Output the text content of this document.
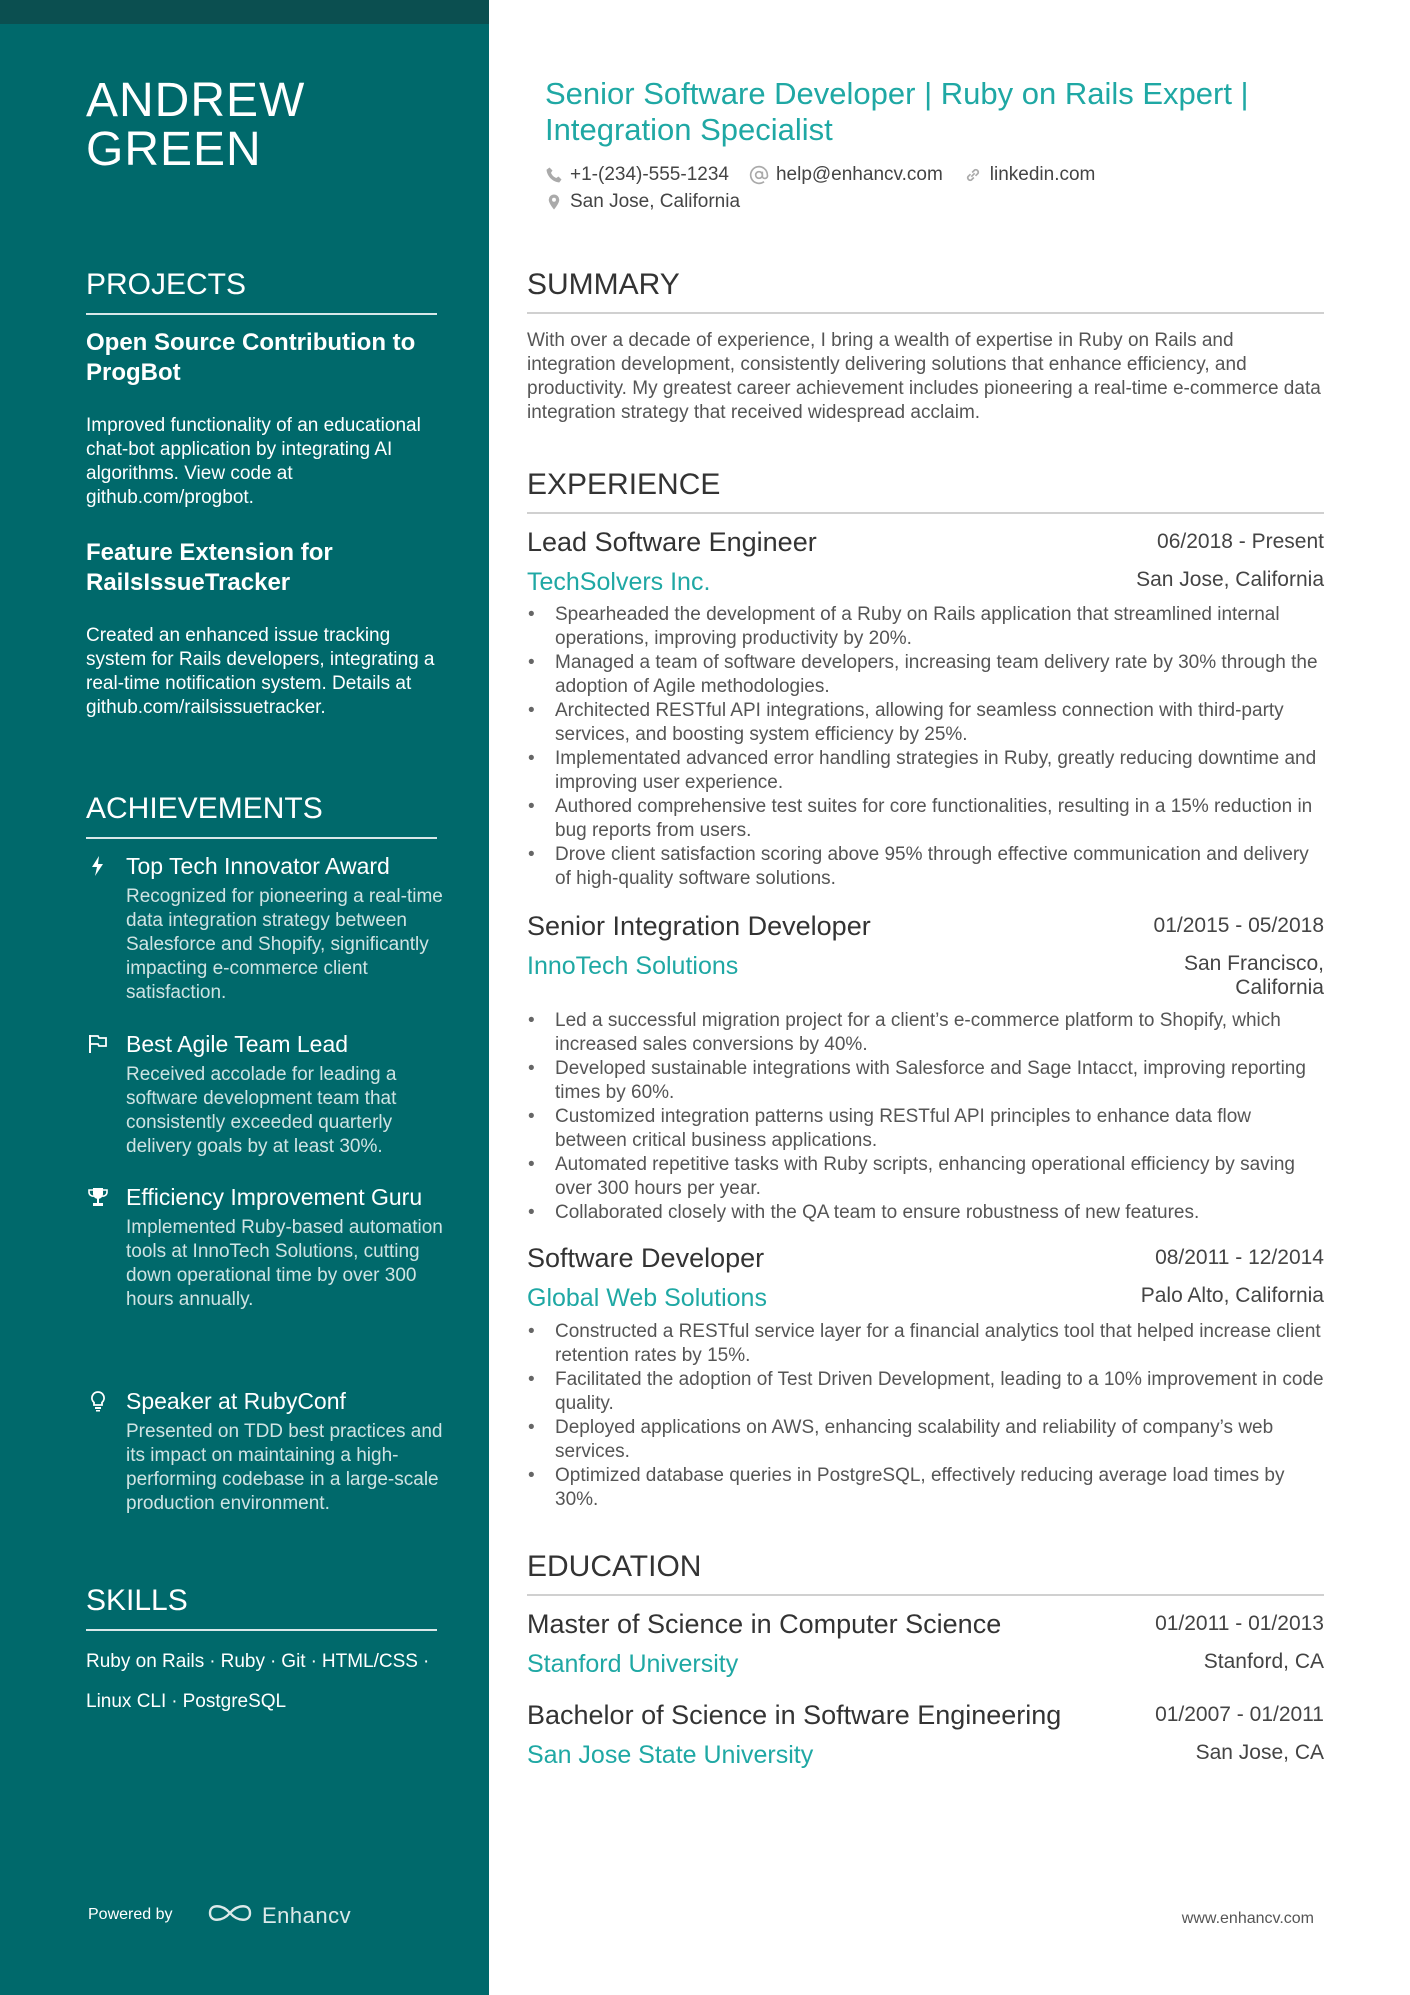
ANDREW
GREEN
PROJECTS
Open Source Contribution to ProgBot
Improved functionality of an educational chat-bot application by integrating AI algorithms. View code at github.com/progbot.
Feature Extension for RailsIssueTracker
Created an enhanced issue tracking system for Rails developers, integrating a real-time notification system. Details at github.com/railsissuetracker.
ACHIEVEMENTS
Top Tech Innovator Award
Recognized for pioneering a real-time data integration strategy between Salesforce and Shopify, significantly impacting e-commerce client satisfaction.
Best Agile Team Lead
Received accolade for leading a software development team that consistently exceeded quarterly delivery goals by at least 30%.
Efficiency Improvement Guru
Implemented Ruby-based automation tools at InnoTech Solutions, cutting down operational time by over 300 hours annually.
Speaker at RubyConf
Presented on TDD best practices and its impact on maintaining a high-performing codebase in a large-scale production environment.
SKILLS
Ruby on Rails · Ruby · Git · HTML/CSS ·
Linux CLI · PostgreSQL
Powered by	Enhancv
Senior Software Developer | Ruby on Rails Expert |
Integration Specialist
+1-(234)-555-1234 help@enhancv.com linkedin.com
San Jose, California
SUMMARY
With over a decade of experience, I bring a wealth of expertise in Ruby on Rails and integration development, consistently delivering solutions that enhance efficiency, and productivity. My greatest career achievement includes pioneering a real-time e-commerce data integration strategy that received widespread acclaim.
EXPERIENCE
Lead Software Engineer	06/2018 - Present
TechSolvers Inc.	San Jose, California
• Spearheaded the development of a Ruby on Rails application that streamlined internal operations, improving productivity by 20%.
• Managed a team of software developers, increasing team delivery rate by 30% through the adoption of Agile methodologies.
• Architected RESTful API integrations, allowing for seamless connection with third-party services, and boosting system efficiency by 25%.
• Implementated advanced error handling strategies in Ruby, greatly reducing downtime and improving user experience.
• Authored comprehensive test suites for core functionalities, resulting in a 15% reduction in bug reports from users.
• Drove client satisfaction scoring above 95% through effective communication and delivery of high-quality software solutions.
Senior Integration Developer	01/2015 - 05/2018
InnoTech Solutions	San Francisco,
California
• Led a successful migration project for a client’s e-commerce platform to Shopify, which increased sales conversions by 40%.
• Developed sustainable integrations with Salesforce and Sage Intacct, improving reporting times by 60%.
• Customized integration patterns using RESTful API principles to enhance data flow between critical business applications.
• Automated repetitive tasks with Ruby scripts, enhancing operational efficiency by saving over 300 hours per year.
• Collaborated closely with the QA team to ensure robustness of new features.
Software Developer	08/2011 - 12/2014
Global Web Solutions	Palo Alto, California
• Constructed a RESTful service layer for a financial analytics tool that helped increase client retention rates by 15%.
• Facilitated the adoption of Test Driven Development, leading to a 10% improvement in code quality.
• Deployed applications on AWS, enhancing scalability and reliability of company’s web services.
• Optimized database queries in PostgreSQL, effectively reducing average load times by 30%.
EDUCATION
Master of Science in Computer Science	01/2011 - 01/2013
Stanford University	Stanford, CA
Bachelor of Science in Software Engineering	01/2007 - 01/2011
San Jose State University	San Jose, CA
www.enhancv.com
